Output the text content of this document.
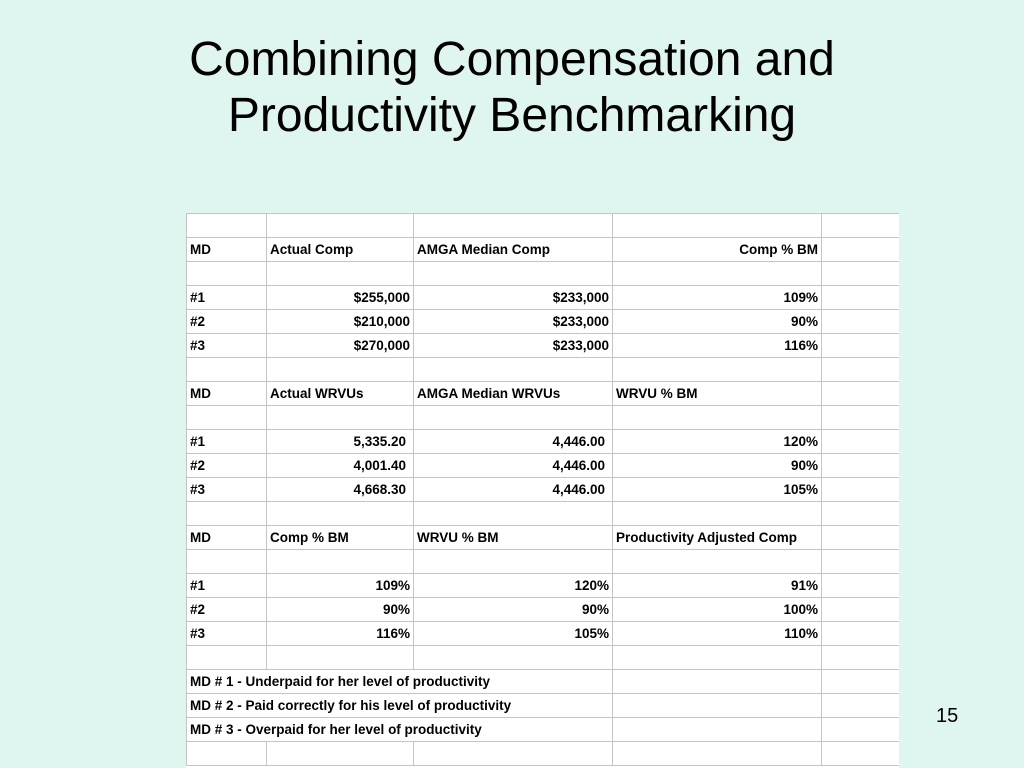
Combining Compensation and
Productivity Benchmarking

MD	Actual Comp	AMGA Median Comp	Comp % BM	

#1	$255,000	$233,000	109%	
#2	$210,000	$233,000	90%	
#3	$270,000	$233,000	116%	

MD	Actual WRVUs	AMGA Median WRVUs	WRVU % BM	

#1	5,335.20	4,446.00	120%	
#2	4,001.40	4,446.00	90%	
#3	4,668.30	4,446.00	105%	

MD	Comp % BM	WRVU % BM	Productivity Adjusted Comp	

#1	109%	120%	91%	
#2	90%	90%	100%	
#3	116%	105%	110%	

MD # 1 - Underpaid for her level of productivity				
MD # 2 - Paid correctly for his level of productivity				
MD # 3 - Overpaid for her level of productivity				

15
